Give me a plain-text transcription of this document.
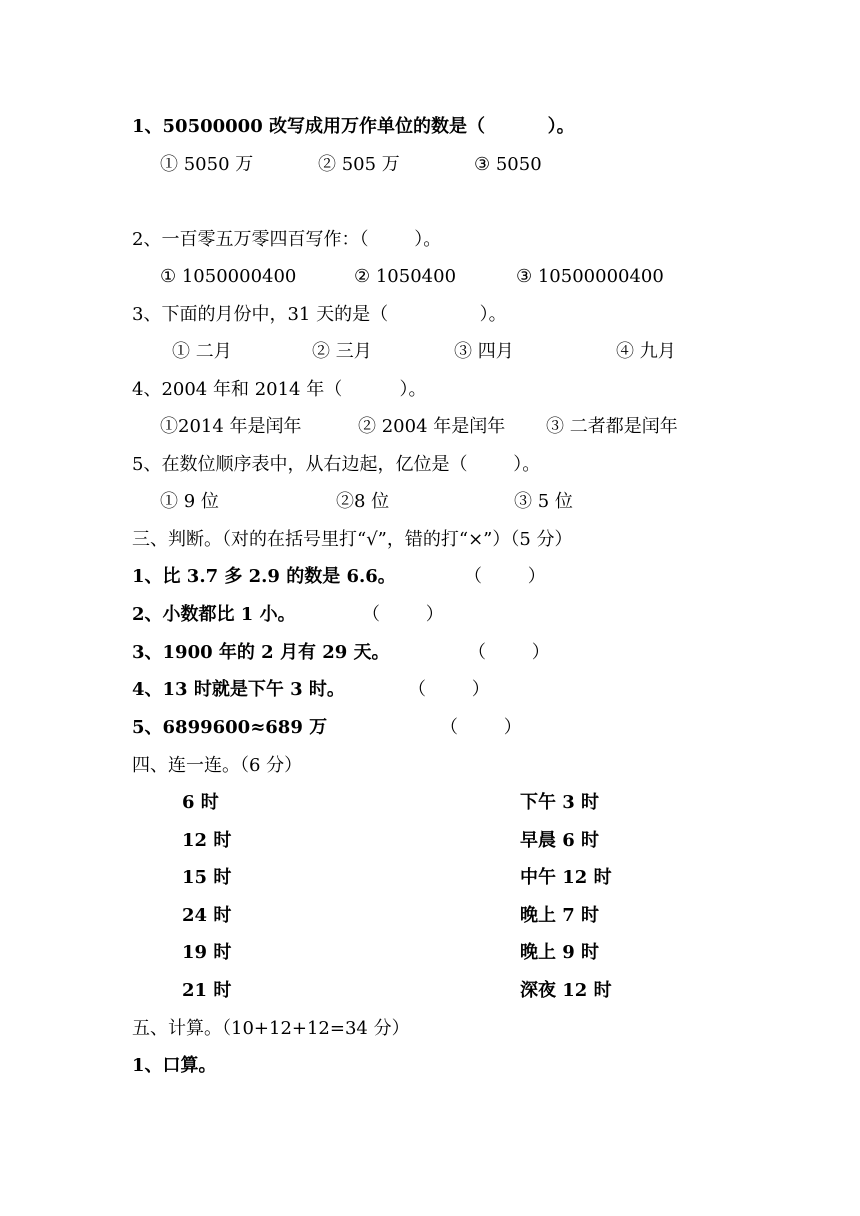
1、50500000 改写成用万作单位的数是（          ）。
① 5050 万	② 505 万	③ 5050
2、一百零五万零四百写作：（        ）。
① 1050000400	② 1050400	③ 10500000400
3、下面的月份中，31 天的是（                ）。
① 二月	② 三月	③ 四月	④ 九月
4、2004 年和 2014 年（          ）。
①2014 年是闰年	② 2004 年是闰年 ③ 二者都是闰年
5、在数位顺序表中，从右边起，亿位是（        ）。
① 9 位	②8 位	③ 5 位
三、判断。（对的在括号里打“√”，错的打“×”）（5 分）
1、比 3.7 多 2.9 的数是 6.6。	（        ）
2、小数都比 1 小。	（        ）
3、1900 年的 2 月有 29 天。	（        ）
4、13 时就是下午 3 时。	（        ）
5、6899600≈689 万	（        ）
四、连一连。（6 分）
6 时	下午 3 时
12 时	早晨 6 时
15 时	中午 12 时
24 时	晚上 7 时
19 时	晚上 9 时
21 时	深夜 12 时
五、计算。（10+12+12=34 分）
1、口算。
